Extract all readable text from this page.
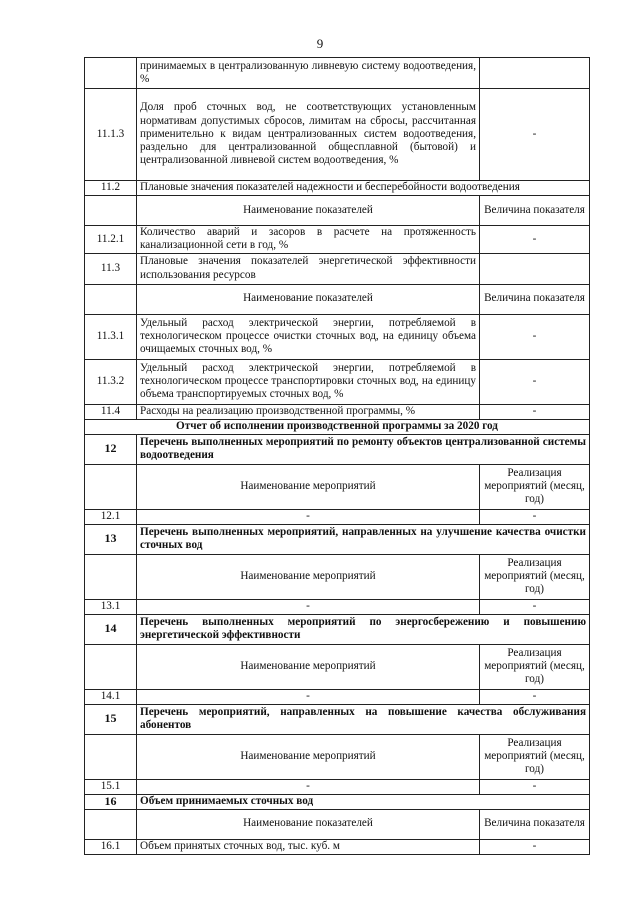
9
	принимаемых в централизованную ливневую систему водоотведения, %	
11.1.3	Доля проб сточных вод, не соответствующих установленным нормативам допустимых сбросов, лимитам на сбросы, рассчитанная применительно к видам централизованных систем водоотведения, раздельно для централизованной общесплавной (бытовой) и централизованной ливневой систем водоотведения, %	-
11.2	Плановые значения показателей надежности и бесперебойности водоотведения	
	Наименование показателей	Величина показателя
11.2.1	Количество аварий и засоров в расчете на протяженность канализационной сети в год, %	-
11.3	Плановые значения показателей энергетической эффективности использования ресурсов	
	Наименование показателей	Величина показателя
11.3.1	Удельный расход электрической энергии, потребляемой в технологическом процессе очистки сточных вод, на единицу объема очищаемых сточных вод, %	-
11.3.2	Удельный расход электрической энергии, потребляемой в технологическом процессе транспортировки сточных вод, на единицу объема транспортируемых сточных вод, %	-
11.4	Расходы на реализацию производственной программы, %	-
Отчет об исполнении производственной программы за 2020 год		
12	Перечень выполненных мероприятий по ремонту объектов централизованной системы водоотведения	
	Наименование мероприятий	Реализация мероприятий (месяц, год)
12.1	-	-
13	Перечень выполненных мероприятий, направленных на улучшение качества очистки сточных вод	
	Наименование мероприятий	Реализация мероприятий (месяц, год)
13.1	-	-
14	Перечень выполненных мероприятий по энергосбережению и повышению энергетической эффективности	
	Наименование мероприятий	Реализация мероприятий (месяц, год)
14.1	-	-
15	Перечень мероприятий, направленных на повышение качества обслуживания абонентов	
	Наименование мероприятий	Реализация мероприятий (месяц, год)
15.1	-	-
16	Объем принимаемых сточных вод	
	Наименование показателей	Величина показателя
16.1	Объем принятых сточных вод, тыс. куб. м	-
